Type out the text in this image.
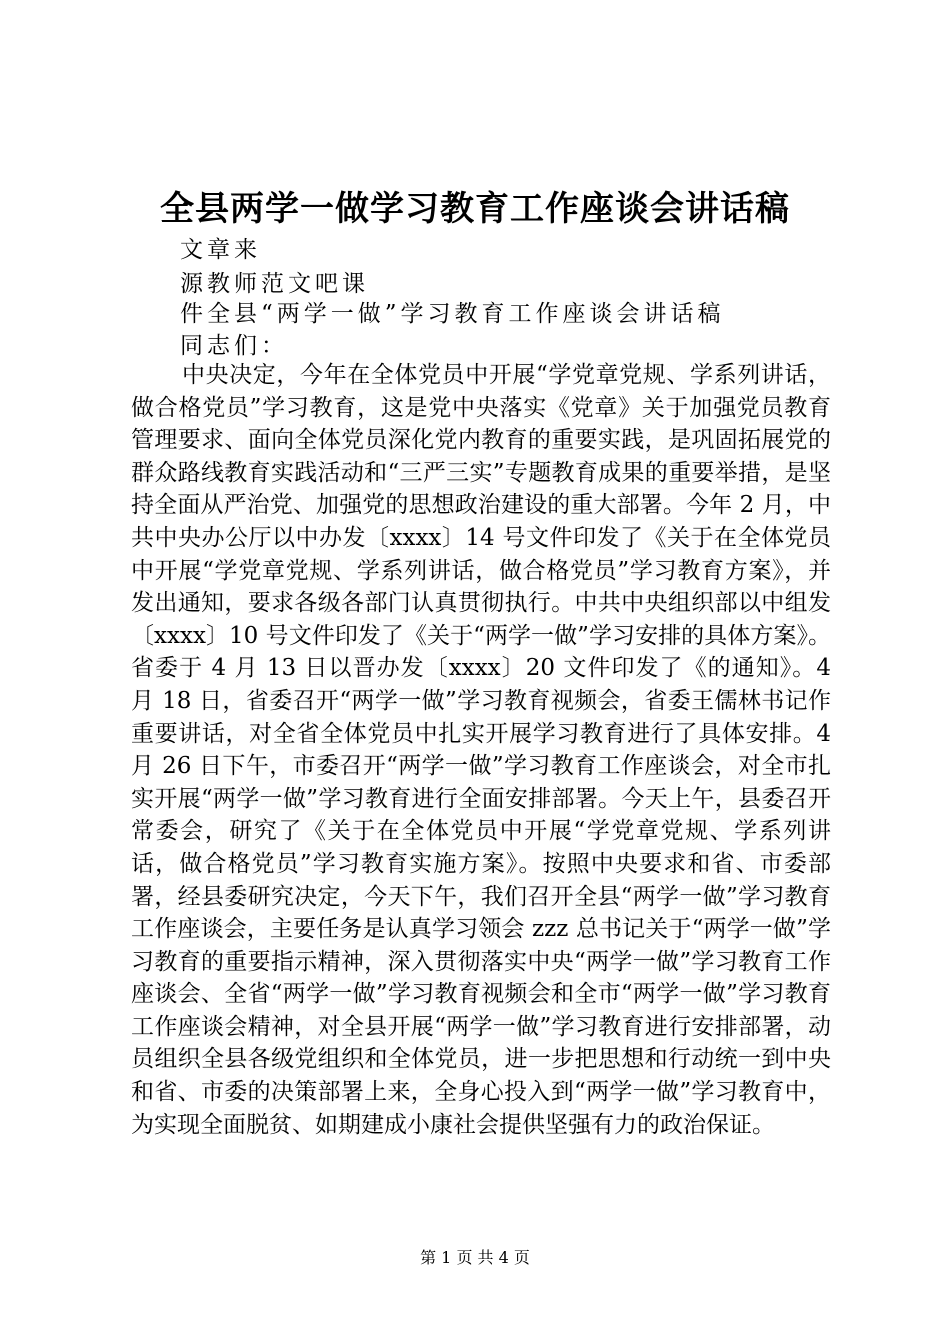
全县两学一做学习教育工作座谈会讲话稿
文章来
源教师范文吧课
件全县“两学一做”学习教育工作座谈会讲话稿
同志们：
中央决定，今年在全体党员中开展“学党章党规、学系列讲话，做合格党员”学习教育，这是党中央落实《党章》关于加强党员教育管理要求、面向全体党员深化党内教育的重要实践，是巩固拓展党的群众路线教育实践活动和“三严三实”专题教育成果的重要举措，是坚持全面从严治党、加强党的思想政治建设的重大部署。今年 2 月，中共中央办公厅以中办发〔xxxx〕14 号文件印发了《关于在全体党员中开展“学党章党规、学系列讲话，做合格党员”学习教育方案》，并发出通知，要求各级各部门认真贯彻执行。中共中央组织部以中组发〔xxxx〕10 号文件印发了《关于“两学一做”学习安排的具体方案》。省委于 4 月 13 日以晋办发〔xxxx〕20 文件印发了《的通知》。4 月 18 日，省委召开“两学一做”学习教育视频会，省委王儒林书记作重要讲话，对全省全体党员中扎实开展学习教育进行了具体安排。4 月 26 日下午，市委召开“两学一做”学习教育工作座谈会，对全市扎实开展“两学一做”学习教育进行全面安排部署。今天上午，县委召开常委会，研究了《关于在全体党员中开展“学党章党规、学系列讲话，做合格党员”学习教育实施方案》。按照中央要求和省、市委部署，经县委研究决定，今天下午，我们召开全县“两学一做”学习教育工作座谈会，主要任务是认真学习领会 zzz 总书记关于“两学一做”学习教育的重要指示精神，深入贯彻落实中央“两学一做”学习教育工作座谈会、全省“两学一做”学习教育视频会和全市“两学一做”学习教育工作座谈会精神，对全县开展“两学一做”学习教育进行安排部署，动员组织全县各级党组织和全体党员，进一步把思想和行动统一到中央和省、市委的决策部署上来，全身心投入到“两学一做”学习教育中，为实现全面脱贫、如期建成小康社会提供坚强有力的政治保证。
第 1 页 共 4 页
